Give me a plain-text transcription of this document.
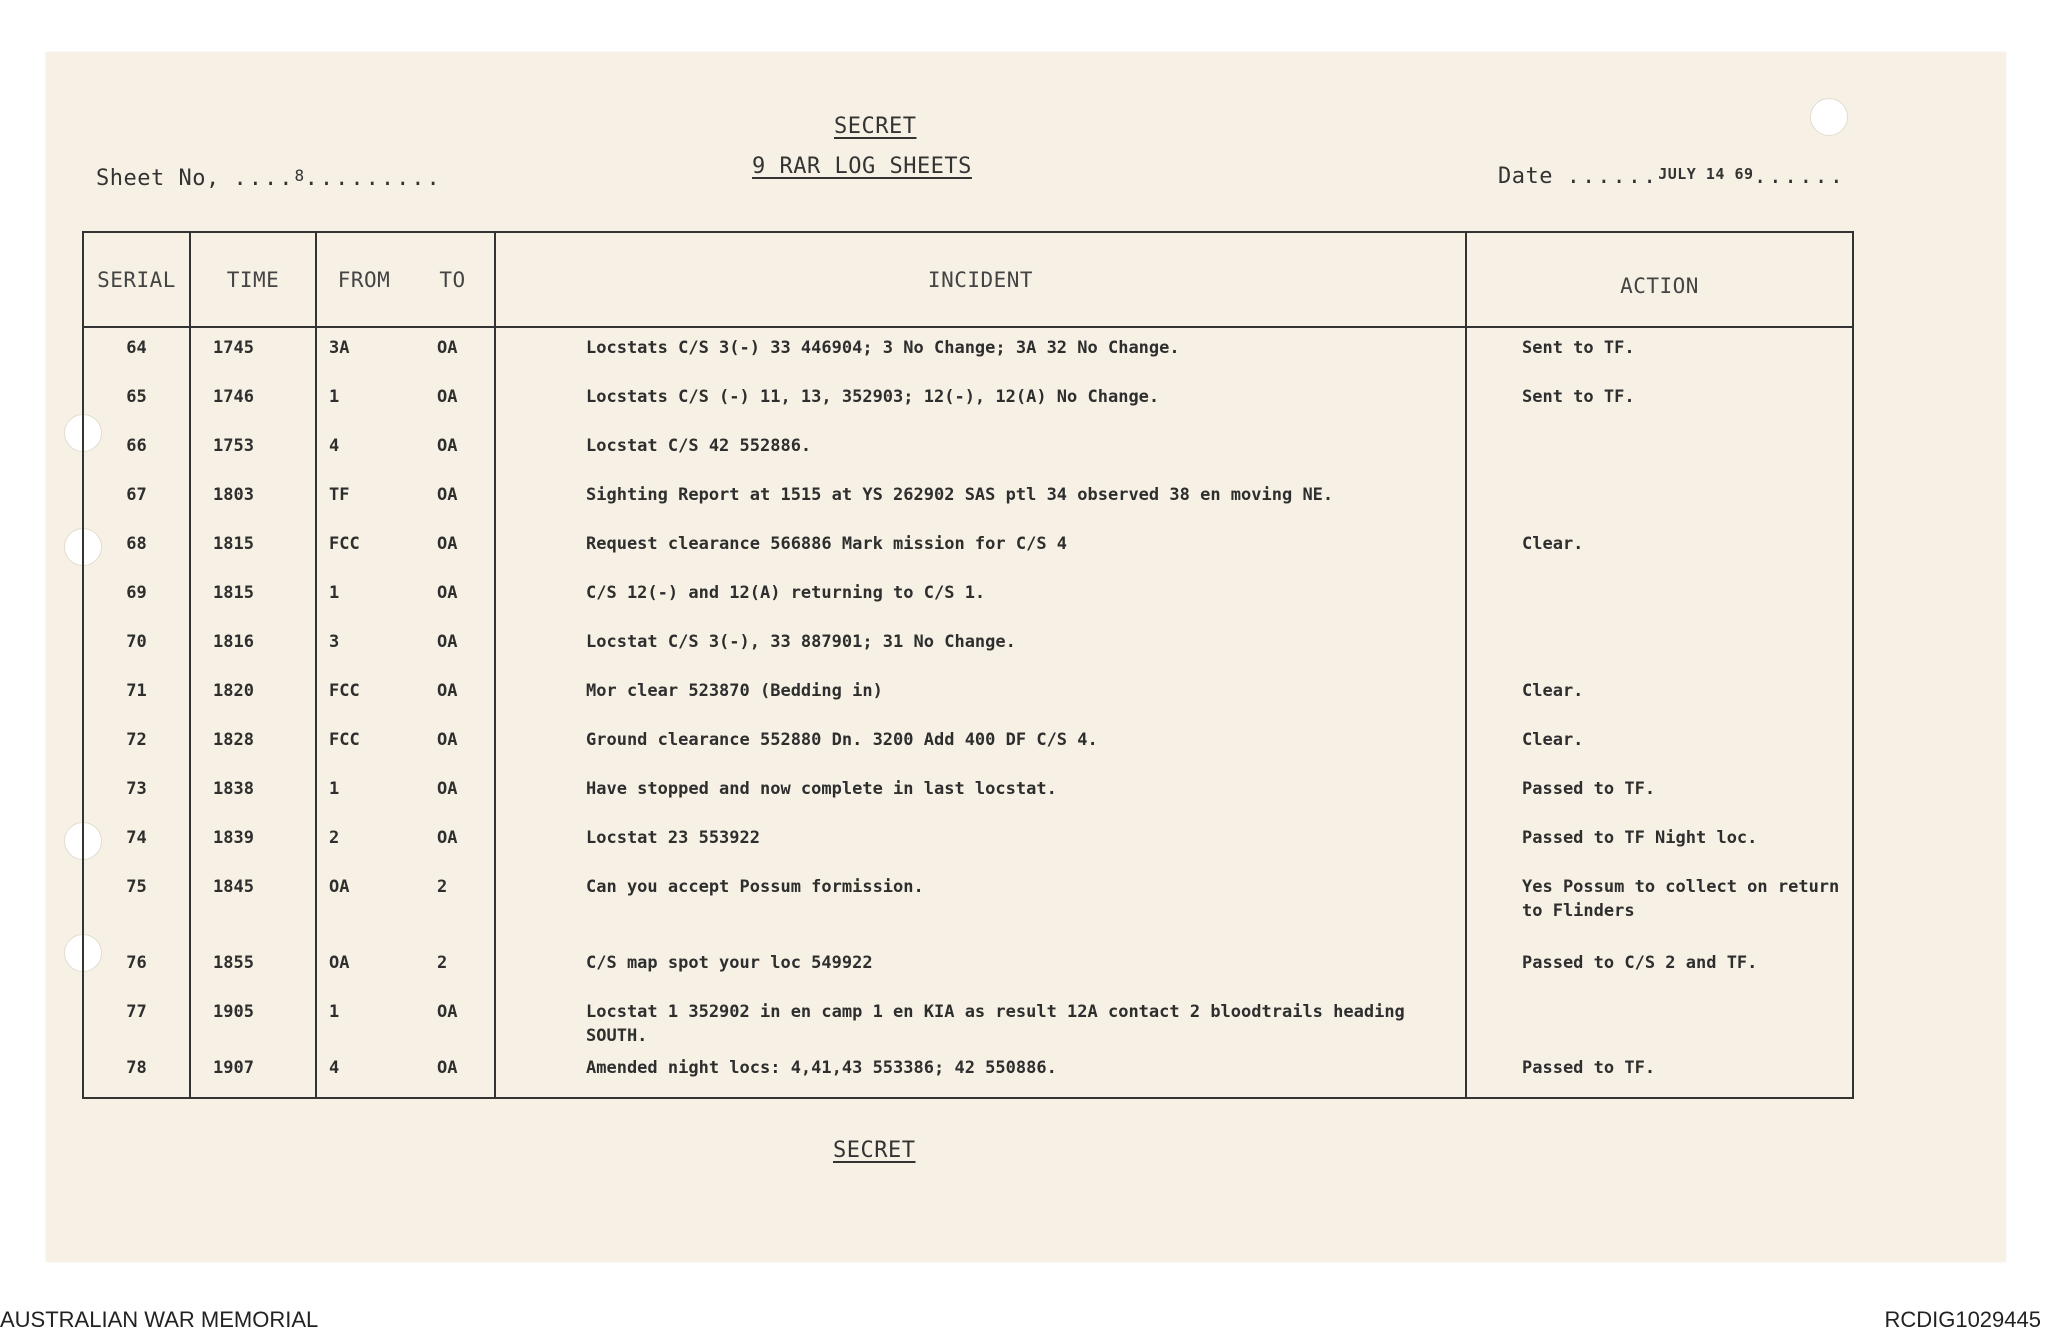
SECRET
9 RAR LOG SHEETS
Sheet No, ....8.........	Date ......JULY 14 69......
SERIAL	TIME	FROM	TO	INCIDENT	ACTION
64	1745	3A	OA	Locstats C/S 3(-) 33 446904; 3 No Change; 3A 32 No Change.	Sent to TF.
65	1746	1	OA	Locstats C/S (-) 11, 13, 352903; 12(-), 12(A) No Change.	Sent to TF.
66	1753	4	OA	Locstat C/S 42 552886.	
67	1803	TF	OA	Sighting Report at 1515 at YS 262902 SAS ptl 34 observed 38 en moving NE.	
68	1815	FCC	OA	Request clearance 566886 Mark mission for C/S 4	Clear.
69	1815	1	OA	C/S 12(-) and 12(A) returning to C/S 1.	
70	1816	3	OA	Locstat C/S 3(-), 33 887901; 31 No Change.	
71	1820	FCC	OA	Mor clear 523870 (Bedding in)	Clear.
72	1828	FCC	OA	Ground clearance 552880 Dn. 3200 Add 400 DF C/S 4.	Clear.
73	1838	1	OA	Have stopped and now complete in last locstat.	Passed to TF.
74	1839	2	OA	Locstat 23 553922	Passed to TF Night loc.
75	1845	OA	2	Can you accept Possum formission.	Yes Possum to collect on return to Flinders
76	1855	OA	2	C/S map spot your loc 549922	Passed to C/S 2 and TF.
77	1905	1	OA	Locstat 1 352902 in en camp 1 en KIA as result 12A contact 2 bloodtrails heading SOUTH.	
78	1907	4	OA	Amended night locs: 4,41,43 553386; 42 550886.	Passed to TF.
SECRET
AUSTRALIAN WAR MEMORIAL	RCDIG1029445
